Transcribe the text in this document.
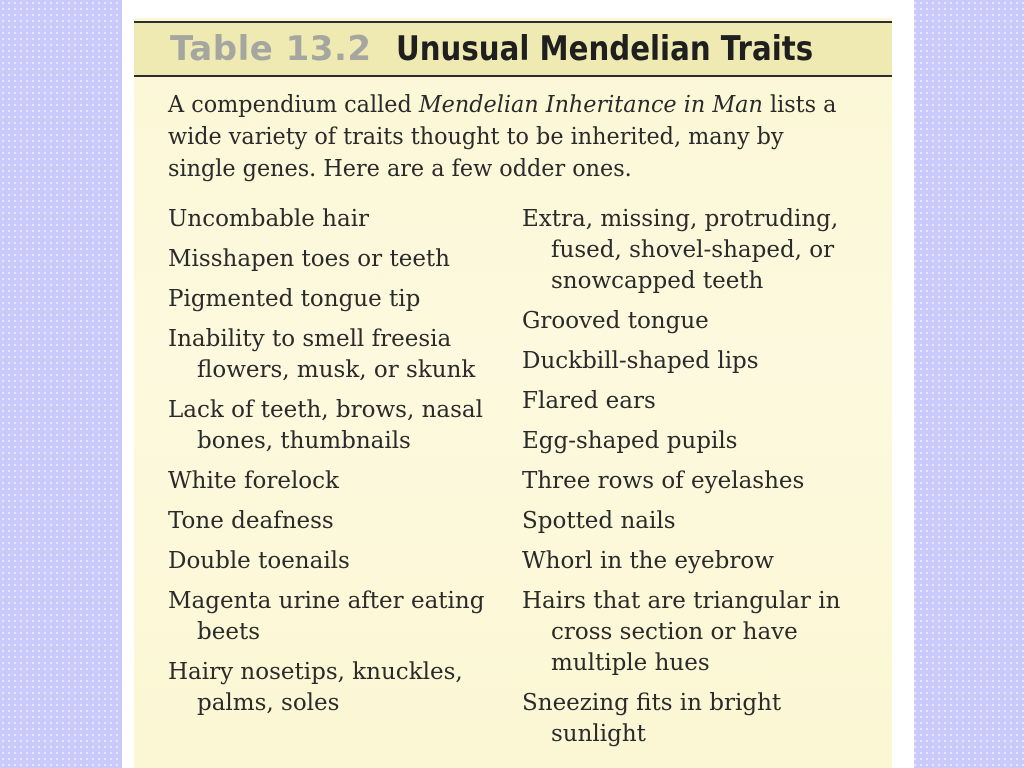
Table 13.2 Unusual Mendelian Traits

A compendium called Mendelian Inheritance in Man lists a wide variety of traits thought to be inherited, many by single genes. Here are a few odder ones.

Uncombable hair
Misshapen toes or teeth
Pigmented tongue tip
Inability to smell freesia
flowers, musk, or skunk
Lack of teeth, brows, nasal
bones, thumbnails
White forelock
Tone deafness
Double toenails
Magenta urine after eating
beets
Hairy nosetips, knuckles,
palms, soles
Extra, missing, protruding,
fused, shovel-shaped, or
snowcapped teeth
Grooved tongue
Duckbill-shaped lips
Flared ears
Egg-shaped pupils
Three rows of eyelashes
Spotted nails
Whorl in the eyebrow
Hairs that are triangular in
cross section or have
multiple hues
Sneezing fits in bright
sunlight
